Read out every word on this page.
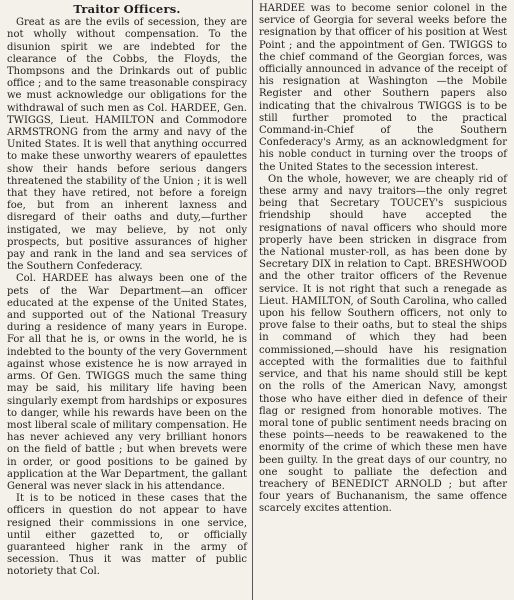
Traitor Officers.

Great as are the evils of secession, they are not wholly without compensation. To the disunion spirit we are indebted for the clearance of the Cobbs, the Floyds, the Thompsons and the Drinkards out of public office ; and to the same treasonable conspiracy we must acknowledge our obligations for the withdrawal of such men as Col. HARDEE, Gen. TWIGGS, Lieut. HAMILTON and Commodore ARMSTRONG from the army and navy of the United States. It is well that anything occurred to make these unworthy wearers of epaulettes show their hands before serious dangers threatened the stability of the Union ; it is well that they have retired, not before a foreign foe, but from an inherent laxness and disregard of their oaths and duty,—further instigated, we may believe, by not only prospects, but positive assurances of higher pay and rank in the land and sea services of the Southern Confederacy.

Col. HARDEE has always been one of the pets of the War Department—an officer educated at the expense of the United States, and supported out of the National Treasury during a residence of many years in Europe. For all that he is, or owns in the world, he is indebted to the bounty of the very Government against whose existence he is now arrayed in arms. Of Gen. TWIGGS much the same thing may be said, his military life having been singularly exempt from hardships or exposures to danger, while his rewards have been on the most liberal scale of military compensation. He has never achieved any very brilliant honors on the field of battle ; but when brevets were in order, or good positions to be gained by application at the War Department, the gallant General was never slack in his attendance.

It is to be noticed in these cases that the officers in question do not appear to have resigned their commissions in one service, until either gazetted to, or officially guaranteed higher rank in the army of secession. Thus it was matter of public notoriety that Col.

HARDEE was to become senior colonel in the service of Georgia for several weeks before the resignation by that officer of his position at West Point ; and the appointment of Gen. TWIGGS to the chief command of the Georgian forces, was officially announced in advance of the receipt of his resignation at Washington —the Mobile Register and other Southern papers also indicating that the chivalrous TWIGGS is to be still further promoted to the practical Command-in-Chief of the Southern Confederacy's Army, as an acknowledgment for his noble conduct in turning over the troops of the United States to the secession interest.

On the whole, however, we are cheaply rid of these army and navy traitors—the only regret being that Secretary TOUCEY's suspicious friendship should have accepted the resignations of naval officers who should more properly have been stricken in disgrace from the National muster-roll, as has been done by Secretary DIX in relation to Capt. BRESHWOOD and the other traitor officers of the Revenue service. It is not right that such a renegade as Lieut. HAMILTON, of South Carolina, who called upon his fellow Southern officers, not only to prove false to their oaths, but to steal the ships in command of which they had been commissioned,—should have his resignation accepted with the formalities due to faithful service, and that his name should still be kept on the rolls of the American Navy, amongst those who have either died in defence of their flag or resigned from honorable motives. The moral tone of public sentiment needs bracing on these points—needs to be reawakened to the enormity of the crime of which these men have been guilty. In the great days of our country, no one sought to palliate the defection and treachery of BENEDICT ARNOLD ; but after four years of Buchananism, the same offence scarcely excites attention.
